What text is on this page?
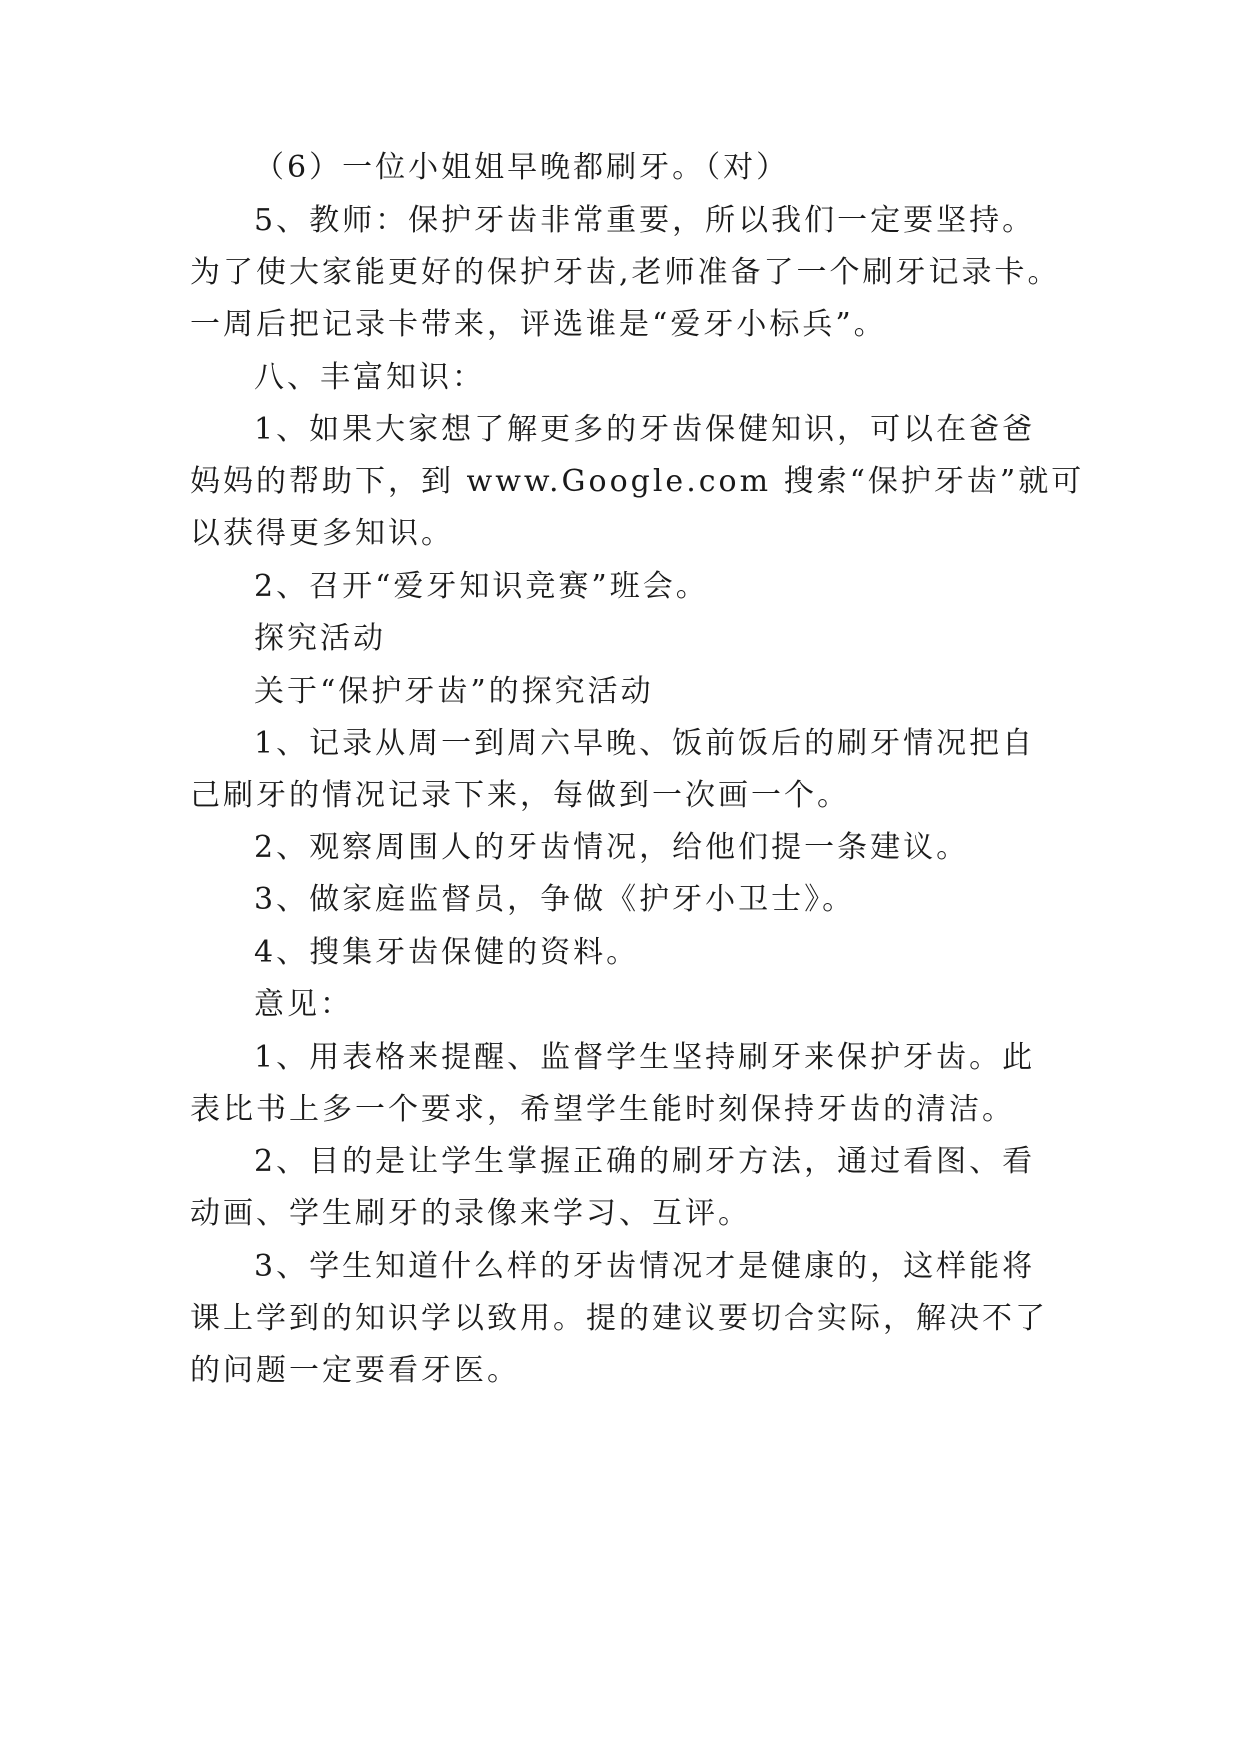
（6）一位小姐姐早晚都刷牙。（对）
5、教师：保护牙齿非常重要，所以我们一定要坚持。
为了使大家能更好的保护牙齿,老师准备了一个刷牙记录卡。
一周后把记录卡带来，评选谁是“爱牙小标兵”。
八、丰富知识：
1、如果大家想了解更多的牙齿保健知识，可以在爸爸
妈妈的帮助下，到 www.Google.com 搜索“保护牙齿”就可
以获得更多知识。
2、召开“爱牙知识竞赛”班会。
探究活动
关于“保护牙齿”的探究活动
1、记录从周一到周六早晚、饭前饭后的刷牙情况把自
己刷牙的情况记录下来，每做到一次画一个。
2、观察周围人的牙齿情况，给他们提一条建议。
3、做家庭监督员，争做《护牙小卫士》。
4、搜集牙齿保健的资料。
意见：
1、用表格来提醒、监督学生坚持刷牙来保护牙齿。此
表比书上多一个要求，希望学生能时刻保持牙齿的清洁。
2、目的是让学生掌握正确的刷牙方法，通过看图、看
动画、学生刷牙的录像来学习、互评。
3、学生知道什么样的牙齿情况才是健康的，这样能将
课上学到的知识学以致用。提的建议要切合实际，解决不了
的问题一定要看牙医。
